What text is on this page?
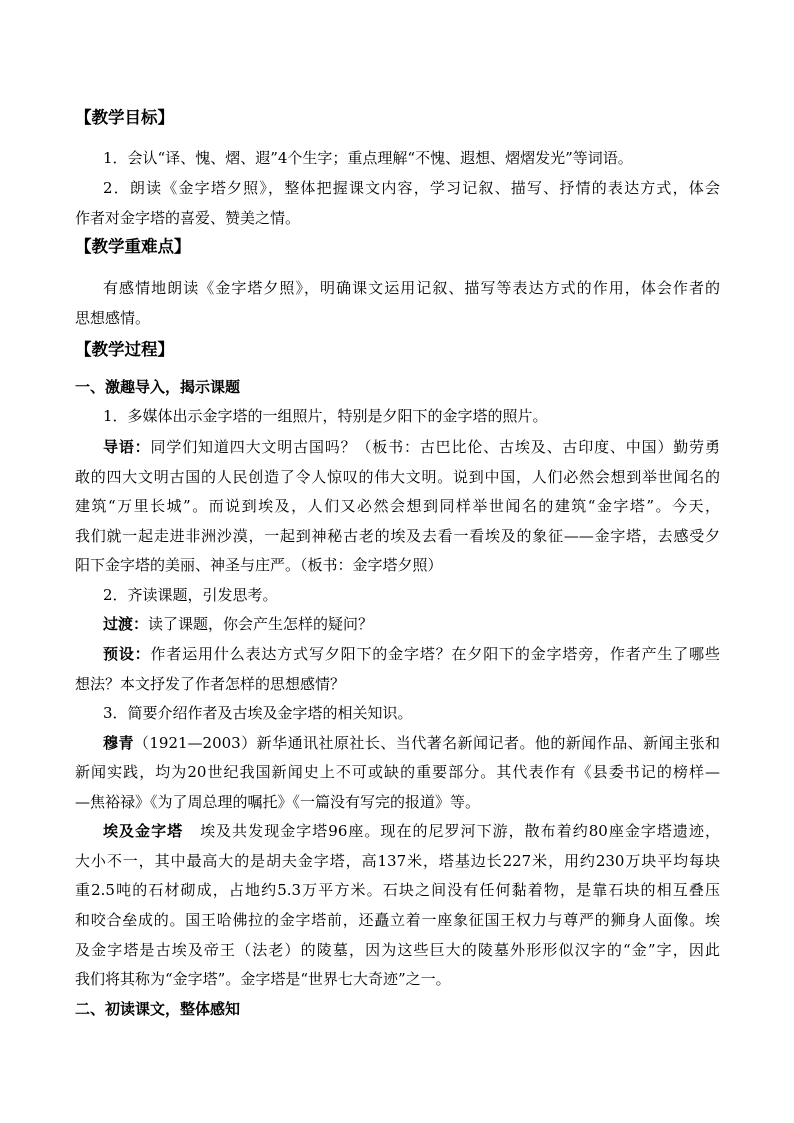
【教学目标】
1．会认“译、愧、熠、遐”4个生字；重点理解“不愧、遐想、熠熠发光”等词语。
2．朗读《金字塔夕照》，整体把握课文内容，学习记叙、描写、抒情的表达方式，体会
作者对金字塔的喜爱、赞美之情。
【教学重难点】
有感情地朗读《金字塔夕照》，明确课文运用记叙、描写等表达方式的作用，体会作者的
思想感情。
【教学过程】
一、激趣导入，揭示课题
1．多媒体出示金字塔的一组照片，特别是夕阳下的金字塔的照片。
导语：同学们知道四大文明古国吗？（板书：古巴比伦、古埃及、古印度、中国）勤劳勇
敢的四大文明古国的人民创造了令人惊叹的伟大文明。说到中国，人们必然会想到举世闻名的
建筑“万里长城”。而说到埃及，人们又必然会想到同样举世闻名的建筑“金字塔”。今天，
我们就一起走进非洲沙漠，一起到神秘古老的埃及去看一看埃及的象征——金字塔，去感受夕
阳下金字塔的美丽、神圣与庄严。（板书：金字塔夕照）
2．齐读课题，引发思考。
过渡：读了课题，你会产生怎样的疑问？
预设：作者运用什么表达方式写夕阳下的金字塔？在夕阳下的金字塔旁，作者产生了哪些
想法？本文抒发了作者怎样的思想感情？
3．简要介绍作者及古埃及金字塔的相关知识。
穆青（1921—2003）新华通讯社原社长、当代著名新闻记者。他的新闻作品、新闻主张和
新闻实践，均为20世纪我国新闻史上不可或缺的重要部分。其代表作有《县委书记的榜样—
—焦裕禄》《为了周总理的嘱托》《一篇没有写完的报道》等。
埃及金字塔 埃及共发现金字塔96座。现在的尼罗河下游，散布着约80座金字塔遗迹，
大小不一，其中最高大的是胡夫金字塔，高137米，塔基边长227米，用约230万块平均每块
重2.5吨的石材砌成，占地约5.3万平方米。石块之间没有任何黏着物，是靠石块的相互叠压
和咬合垒成的。国王哈佛拉的金字塔前，还矗立着一座象征国王权力与尊严的狮身人面像。埃
及金字塔是古埃及帝王（法老）的陵墓，因为这些巨大的陵墓外形形似汉字的“金”字，因此
我们将其称为“金字塔”。金字塔是“世界七大奇迹”之一。
二、初读课文，整体感知
